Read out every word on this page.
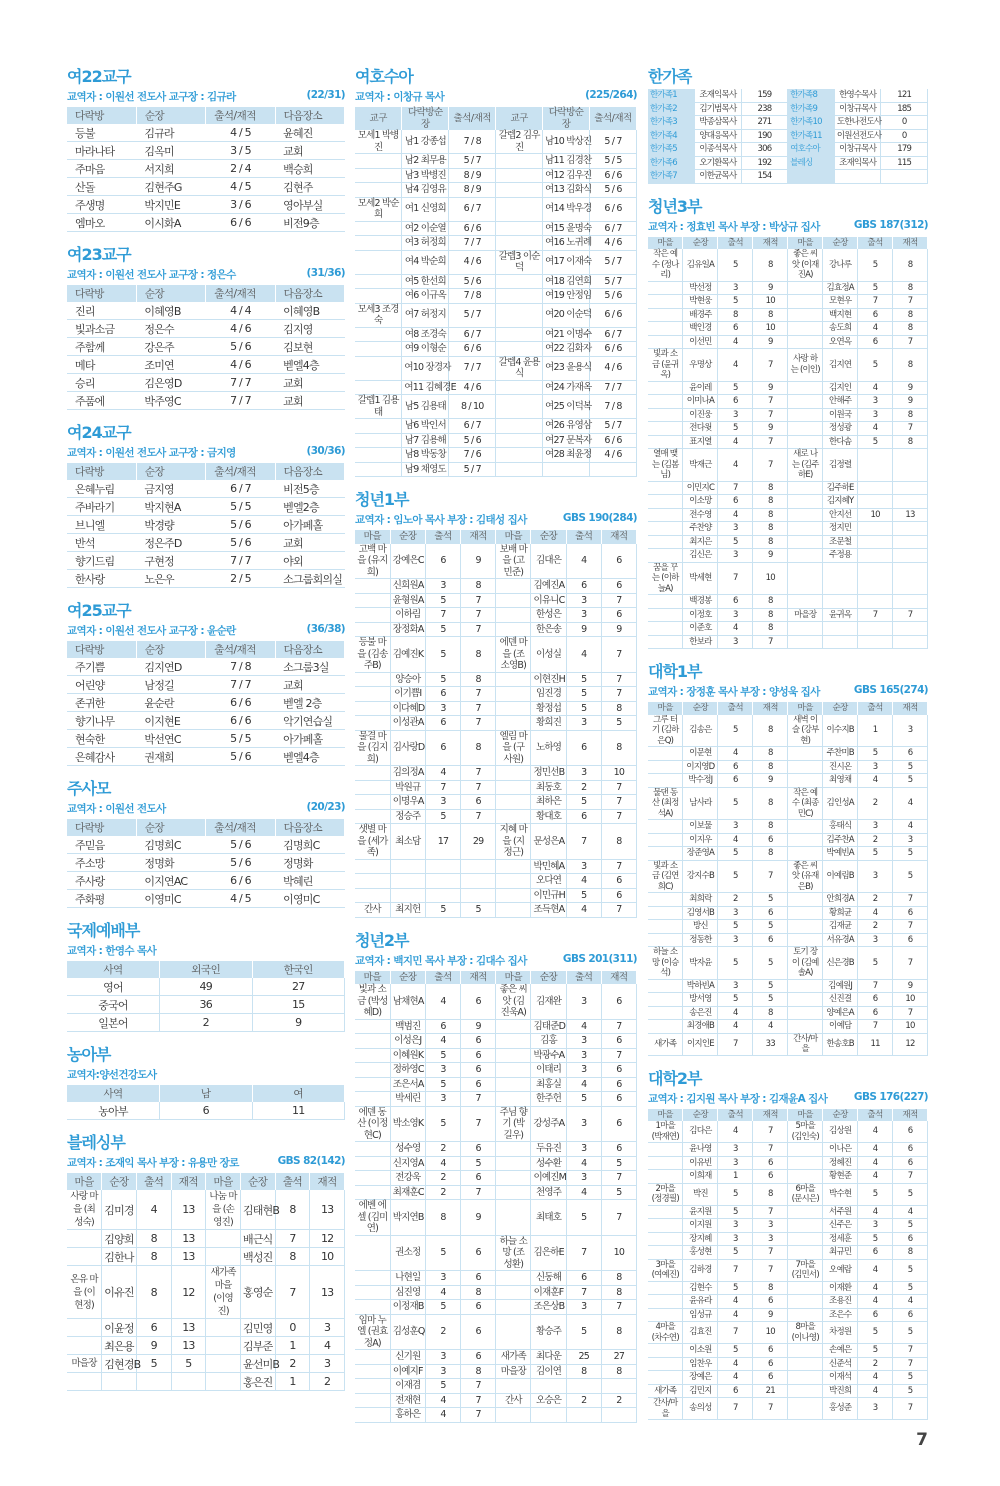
여22교구
교역자 : 이원선 전도사 교구장 : 김규라	(22/31)
다락방	순장	출석/재적	다음장소
등불	김규라	4 / 5	윤혜진
마라나타	김옥미	3 / 5	교회
주마음	서지희	2 / 4	백승희
산돌	김현주G	4 / 5	김현주
주생명	박지민E	3 / 6	영아부실
엠마오	이시화A	6 / 6	비전9층
여23교구
교역자 : 이원선 전도사 교구장 : 정은수	(31/36)
다락방	순장	출석/재적	다음장소
진리	이혜영B	4 / 4	이혜영B
빛과소금	정은수	4 / 6	김지영
주함께	강은주	5 / 6	김보현
메타	조미연	4 / 6	벧엘4층
승리	김은영D	7 / 7	교회
주품에	박주영C	7 / 7	교회
여24교구
교역자 : 이원선 전도사 교구장 : 금지영	(30/36)
다락방	순장	출석/재적	다음장소
은혜누림	금지영	6 / 7	비전5층
주바라기	박지현A	5 / 5	벧엘2층
브니엘	박경량	5 / 6	아가페홀
반석	정은주D	5 / 6	교회
향기드림	구현정	7 / 7	야외
한사랑	노은우	2 / 5	소그룹회의실
여25교구
교역자 : 이원선 전도사 교구장 : 윤순란	(36/38)
다락방	순장	출석/재적	다음장소
주기쁨	김지연D	7 / 8	소그룹3실
어린양	남정길	7 / 7	교회
존귀한	윤순란	6 / 6	벧엘 2층
향기나무	이지현E	6 / 6	악기연습실
현숙한	박선연C	5 / 5	아가페홀
은혜감사	권재희	5 / 6	벧엘4층
주사모
교역자 : 이원선 전도사	(20/23)
다락방	순장	출석/재적	다음장소
주믿음	김명희C	5 / 6	김명희C
주소망	정명화	5 / 6	정명화
주사랑	이지연AC	6 / 6	박혜린
주화평	이영미C	4 / 5	이영미C
국제예배부
교역자 : 한영수 목사
사역	외국인	한국인
영어	49	27
중국어	36	15
일본어	2	9
농아부
교역자:양선건강도사
사역	남	여
농아부	6	11
블레싱부
교역자 : 조재익 목사 부장 : 유용만 장로	GBS 82(142)
마을	순장	출석	재적	마을	순장	출석	재적
사랑 마을 (최성숙)	김미경	4	13	나눔 마을 (손영진)	김태현B	8	13
	김양희	8	13		배근식	7	12
	김한나	8	13		백성진	8	10
온유 마을 (이현정)	이유진	8	12	새가족 마을 (이영진)	홍영순	7	13
	이윤정	6	13		김민영	0	3
	최은용	9	13		김부준	1	4
마을장	김현경B	5	5		윤선미B	2	3
					홍은진	1	2
여호수아
교역자 : 이창규 목사	(225/264)
교구	다락방순장	출석/재적	교구	다락방순장	출석/재적
모세1 박병진	남1 강종섭	7 / 8	갈렙2 김우진	남10 박상진	5 / 7
	남2 최무용	5 / 7		남11 김경찬	5 / 5
	남3 박병진	8 / 9		여12 김우진	6 / 6
	남4 김영유	8 / 9		여13 김화식	5 / 6
모세2 박순희	여1 신영희	6 / 7		여14 박우경	6 / 6
	여2 이순열	6 / 6		여15 윤명숙	6 / 7
	여3 허정희	7 / 7		여16 노귀례	4 / 6
	여4 박순희	4 / 6	갈렙3 이순덕	여17 이재숙	5 / 7
	여5 한선희	5 / 6		여18 김연희	5 / 7
	여6 이규옥	7 / 8		여19 안정임	5 / 6
모세3 조경숙	여7 허정지	5 / 7		여20 이순덕	6 / 6
	여8 조경숙	6 / 7		여21 이명수	6 / 7
	여9 이형순	6 / 6		여22 김화자	6 / 6
	여10 장경자	7 / 7	갈렙4 윤용식	여23 윤용식	4 / 6
	여11 김혜경E	4 / 6		여24 가재옥	7 / 7
갈렙1 김용태	남5 김용태	8 / 10		여25 이덕복	7 / 8
	남6 박인서	6 / 7		여26 유영삼	5 / 7
	남7 김용해	5 / 6		여27 문복자	6 / 6
	남8 박동창	7 / 6		여28 최윤정	4 / 6
	남9 채영도	5 / 7			
청년1부
교역자 : 임노아 목사 부장 : 김태성 집사	GBS 190(284)
마을	순장	출석	재적	마을	순장	출석	재적
고백 마을 (유지희)	강예은C	6	9	보배 마을 (고민준)	김대은	4	6
	신희원A	3	8		김예진A	6	6
	윤형원A	5	7		이유니C	3	7
	이하림	7	7		한성은	3	6
	장정화A	5	7		한은송	9	9
등불 마을 (김송주B)	김예진K	5	8	에덴 마을 (조소영B)	이성실	4	7
	양승아	5	8		이현진H	5	7
	이기쁨I	6	7		임진경	5	7
	이다혜D	3	7		황정섭	5	8
	이성관A	6	7		황희진	3	5
물결 마을 (김지희)	김사랑D	6	8	엘림 마을 (구사원)	노하영	6	8
	김의정A	4	7		정민선B	3	10
	박원규	7	7		최동호	2	7
	이명우A	3	6		최하은	5	7
	정승주	5	7		황대호	6	7
샛별 마을 (세가족)	최소담	17	29	지혜 마을 (지정근)	문성은A	7	8
					박민혜A	3	7
					오다연	4	6
					이민규H	5	6
간사	최지헌	5	5		조득현A	4	7
청년2부
교역자 : 백지민 목사 부장 : 김대수 집사	GBS 201(311)
마을	순장	출석	재적	마을	순장	출석	재적
빛과 소금 (박성혜D)	남채현A	4	6	좋은 씨앗 (김진욱A)	김재완	3	6
	백범진	6	9		김태준D	4	7
	이성은J	4	6		김홍	3	6
	이혜원K	5	6		박광수A	3	7
	정하영C	3	6		이태리	3	6
	조은서A	5	6		최홍실	4	6
	박세린	3	7		한주헌	5	6
에덴 동산 (이정현C)	박소영K	5	7	주님 향기 (박길우)	강성주A	3	6
	성수영	2	6		두유진	3	6
	신지영A	4	5		성수환	4	5
	전강욱	2	6		이예진M	3	7
	최재훈C	2	7		천영주	4	5
에벤 에셀 (김미연)	박지연B	8	9		최태호	5	7
	권소정	5	6	하늘 소망 (조성환)	김은하E	7	10
	나현일	3	6		신동해	6	8
	심진영	4	8		이재훈F	7	8
	이정재B	5	6		조은상B	3	7
임마 누엘 (권효정A)	김성훈Q	2	6		황승주	5	8
	신기원	3	6	새가족	최다운	25	27
	이예지F	3	8	마을장	김이연	8	8
	이재겸	5	7				
	전재현	4	7	간사	오승은	2	2
	홍하은	4	7				
한가족
한가족1	조재익목사	159	한가족8	한영수목사	121
한가족2	김기범목사	238	한가족9	이창규목사	185
한가족3	박종삼목사	271	한가족10	도한나전도사	0
한가족4	양대응목사	190	한가족11	이원선전도사	0
한가족5	이종석목사	306	여호수아	이창규목사	179
한가족6	오기환목사	192	블레싱	조재익목사	115
한가족7	이한균목사	154			
청년3부
교역자 : 정효빈 목사 부장 : 박상규 집사	GBS 187(312)
마을	순장	출석	재적	마을	순장	출석	재적
작은 예수 (정나리)	김유일A	5	8	좋은 씨앗 (이재진A)	강나루	5	8
	박선정	3	9		김효정A	5	8
	박현웅	5	10		모현우	7	7
	배경주	8	8		백지현	6	8
	백인경	6	10		송도희	4	8
	이선민	4	9		오연옥	6	7
빛과 소금 (윤귀옥)	우명상	4	7	사랑 하는 (이인)	김지연	5	8
	윤이레	5	9		김지인	4	9
	이미나A	6	7		안해주	3	9
	이진웅	3	7		이원국	3	8
	전다윗	5	9		정성광	4	7
	표지열	4	7		한다솜	5	8
열매 맺는 (김봄님)	박재근	4	7	새로 나는 (김주하E)	김정렬		
	이민지C	7	8		김주하E		
	이소망	6	8		김지혜Y		
	전수영	4	8		안지선	10	13
	주찬양	3	8		정지민		
	최지은	5	8		조문철		
	김신은	3	9		주정용		
꿈을 꾸는 (이하늘A)	박세현	7	10				
	백경봉	6	8				
	이정호	3	8	마을장	윤귀옥	7	7
	이준호	4	8				
	한보라	3	7				
대학1부
교역자 : 장정훈 목사 부장 : 양성욱 집사	GBS 165(274)
마을	순장	출석	재적	마을	순장	출석	재적
그루 터기 (김하은Q)	김송은	5	8	새벽 이슬 (강부현)	이수지B	1	3
	이문현	4	8		주찬미B	5	6
	이지영D	6	8		진시온	3	5
	박수정J	6	9		최영채	4	5
물댄 동산 (최정석A)	남사라	5	8	작은 예수 (최종민C)	김인성A	2	4
	이보물	3	8		홍태식	3	4
	이지우	4	6		김주찬A	2	3
	장준영A	5	8		박예빈A	5	5
빛과 소금 (김연희C)	강지수B	5	7	좋은 씨앗 (유재은B)	이예림B	3	5
	최희락	2	5		안희경A	2	7
	김영서B	3	6		황희균	4	6
	방신	5	5		김재균	2	7
	정동한	3	6		서유경A	3	6
하늘 소망 (이승석)	박자윤	5	5	토기 장이 (김예솔A)	신은경B	5	7
	박하빈A	3	5		김예원J	7	9
	방서영	5	5		신진결	6	10
	송은진	4	8		양예은A	6	7
	최경애B	4	4		이예담	7	10
새가족	이지인E	7	33	간사/마을	한송호B	11	12
대학2부
교역자 : 김지원 목사 부장 : 김재윤A 집사	GBS 176(227)
마을	순장	출석	재적	마을	순장	출석	재적
1마을 (박재연)	김다은	4	7	5마을 (김인숙)	김상원	4	6
	윤나영	3	7		이나은	4	6
	이유빈	3	6		정혜진	4	6
	이희재	1	6		황현준	4	7
2마을 (정경필)	박진	5	8	6마을 (문시은)	박수현	5	5
	윤지원	5	7		서주원	4	4
	이지원	3	3		신주은	3	5
	장지혜	3	3		정세훈	5	6
	홍성현	5	7		최규민	6	8
3마을 (여예진)	김하경	7	7	7마을 (김민서)	오예람	4	5
	김현수	5	8		이재환	4	5
	윤유라	4	6		조용진	4	4
	임성규	4	9		조은수	6	6
4마을 (차수연)	김효진	7	10	8마을 (이나영)	차정원	5	5
	이소원	5	6		손예은	5	7
	임찬우	4	6		신준석	2	7
	장예은	4	6		이재석	4	5
새가족	김민지	6	21		박진희	4	5
간사/마을	송의성	7	7		홍성준	3	7
7
